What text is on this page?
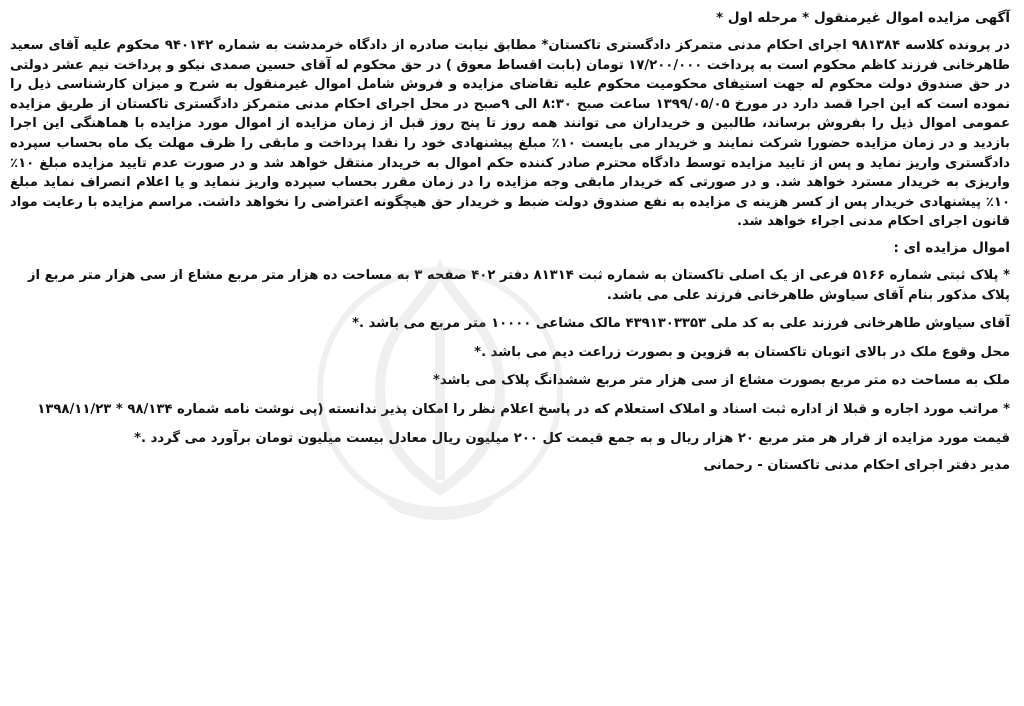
آگهی مزایده اموال غیرمنقول * مرحله اول *

در پرونده کلاسه ۹۸۱۳۸۴ اجرای احکام مدنی متمرکز دادگستری تاکستان* مطابق نیابت صادره از دادگاه خرمدشت به شماره ۹۴۰۱۴۲ محکوم علیه آقای سعید طاهرخانی فرزند کاظم محکوم است به پرداخت ۱۷/۲۰۰/۰۰۰ تومان (بابت اقساط معوق ) در حق محکوم له آقای حسین صمدی نیکو و پرداخت نیم عشر دولتی در حق صندوق دولت محکوم له جهت استیفای محکومیت محکوم علیه تقاضای مزایده و فروش شامل اموال غیرمنقول به شرح و میزان کارشناسی ذیل را نموده است که این اجرا قصد دارد در مورخ ۱۳۹۹/۰۵/۰۵ ساعت صبح ۸:۳۰ الی ۹صبح در محل اجرای احکام مدنی متمرکز دادگستری تاکستان از طریق مزایده عمومی اموال ذیل را بفروش برساند، طالبین و خریداران می توانند همه روز تا پنج روز قبل از زمان مزایده از اموال مورد مزایده با هماهنگی این اجرا بازدید و در زمان مزایده حضورا شرکت نمایند و خریدار می بایست ۱۰٪ مبلغ پیشنهادی خود را نقدا پرداخت و مابقی را ظرف مهلت یک ماه بحساب سپرده دادگستری واریز نماید و پس از تایید مزایده توسط دادگاه محترم صادر کننده حکم اموال به خریدار منتقل خواهد شد و در صورت عدم تایید مزایده مبلغ ۱۰٪ واریزی به خریدار مسترد خواهد شد. و در صورتی که خریدار مابقی وجه مزایده را در زمان مقرر بحساب سپرده واریز ننماید و یا اعلام انصراف نماید مبلغ ۱۰٪ پیشنهادی خریدار پس از کسر هزینه ی مزایده به نفع صندوق دولت ضبط و خریدار حق هیچگونه اعتراضی را نخواهد داشت. مراسم مزایده با رعایت مواد قانون اجرای احکام مدنی اجراء خواهد شد.

اموال مزایده ای :
* پلاک ثبتی شماره ۵۱۶۶ فرعی از یک اصلی تاکستان به شماره ثبت ۸۱۳۱۴ دفتر ۴۰۲ صفحه ۳ به مساحت ده هزار متر مربع مشاع از سی هزار متر مربع از پلاک مذکور بنام آقای سیاوش طاهرخانی فرزند علی می باشد.
آقای سیاوش طاهرخانی فرزند علی به کد ملی ۴۳۹۱۳۰۳۳۵۳ مالک مشاعی ۱۰۰۰۰ متر مربع می باشد .*
محل وقوع ملک در بالای اتوبان تاکستان به قزوین و بصورت زراعت دیم می باشد .*
ملک به مساحت ده متر مربع بصورت مشاع از سی هزار متر مربع ششدانگ پلاک می باشد*
* مراتب مورد اجاره و قبلا از اداره ثبت اسناد و املاک استعلام که در پاسخ اعلام نظر را امکان پذیر ندانسته (پی نوشت نامه شماره ۹۸/۱۳۴ * ۱۳۹۸/۱۱/۲۳
قیمت مورد مزایده از قرار هر متر مربع ۲۰ هزار ریال و به جمع قیمت کل ۲۰۰ میلیون ریال معادل بیست میلیون تومان برآورد می گردد .*
مدیر دفتر اجرای احکام مدنی تاکستان - رحمانی
